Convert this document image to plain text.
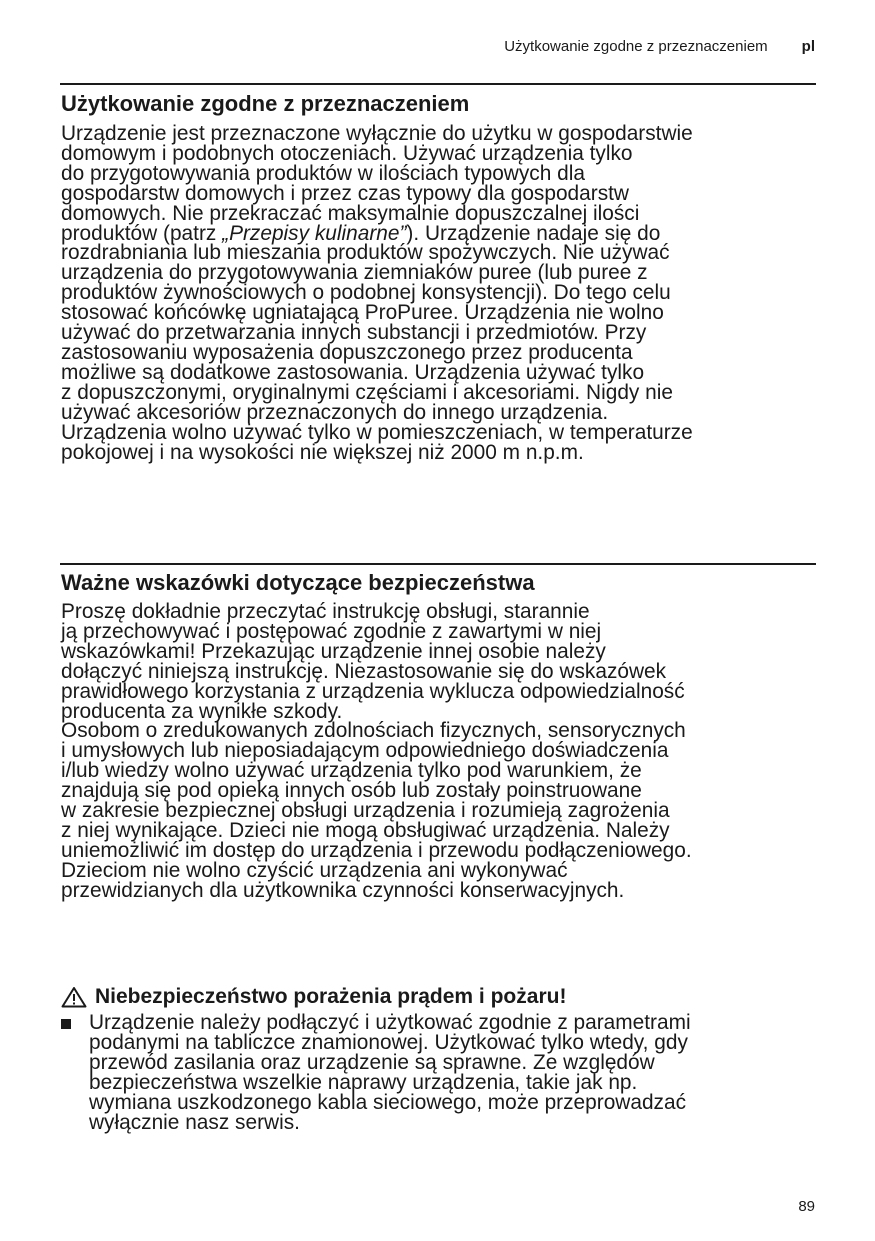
Użytkowanie zgodne z przeznaczeniem pl
Użytkowanie zgodne z przeznaczeniem
Urządzenie jest przeznaczone wyłącznie do użytku w gospodarstwie
domowym i podobnych otoczeniach. Używać urządzenia tylko
do przygotowywania produktów w ilościach typowych dla
gospodarstw domowych i przez czas typowy dla gospodarstw
domowych. Nie przekraczać maksymalnie dopuszczalnej ilości
produktów (patrz „Przepisy kulinarne”). Urządzenie nadaje się do
rozdrabniania lub mieszania produktów spożywczych. Nie używać
urządzenia do przygotowywania ziemniaków puree (lub puree z
produktów żywnościowych o podobnej konsystencji). Do tego celu
stosować końcówkę ugniatającą ProPuree. Urządzenia nie wolno
używać do przetwarzania innych substancji i przedmiotów. Przy
zastosowaniu wyposażenia dopuszczonego przez producenta
możliwe są dodatkowe zastosowania. Urządzenia używać tylko
z dopuszczonymi, oryginalnymi częściami i akcesoriami. Nigdy nie
używać akcesoriów przeznaczonych do innego urządzenia.
Urządzenia wolno używać tylko w pomieszczeniach, w temperaturze
pokojowej i na wysokości nie większej niż 2000 m n.p.m.
Ważne wskazówki dotyczące bezpieczeństwa
Proszę dokładnie przeczytać instrukcję obsługi, starannie
ją przechowywać i postępować zgodnie z zawartymi w niej
wskazówkami! Przekazując urządzenie innej osobie należy
dołączyć niniejszą instrukcję. Niezastosowanie się do wskazówek
prawidłowego korzystania z urządzenia wyklucza odpowiedzialność
producenta za wynikłe szkody.
Osobom o zredukowanych zdolnościach fizycznych, sensorycznych
i umysłowych lub nieposiadającym odpowiedniego doświadczenia
i/lub wiedzy wolno używać urządzenia tylko pod warunkiem, że
znajdują się pod opieką innych osób lub zostały poinstruowane
w zakresie bezpiecznej obsługi urządzenia i rozumieją zagrożenia
z niej wynikające. Dzieci nie mogą obsługiwać urządzenia. Należy
uniemożliwić im dostęp do urządzenia i przewodu podłączeniowego.
Dzieciom nie wolno czyścić urządzenia ani wykonywać
przewidzianych dla użytkownika czynności konserwacyjnych.
Niebezpieczeństwo porażenia prądem i pożaru!
Urządzenie należy podłączyć i użytkować zgodnie z parametrami
podanymi na tabliczce znamionowej. Użytkować tylko wtedy, gdy
przewód zasilania oraz urządzenie są sprawne. Ze względów
bezpieczeństwa wszelkie naprawy urządzenia, takie jak np.
wymiana uszkodzonego kabla sieciowego, może przeprowadzać
wyłącznie nasz serwis.
89
